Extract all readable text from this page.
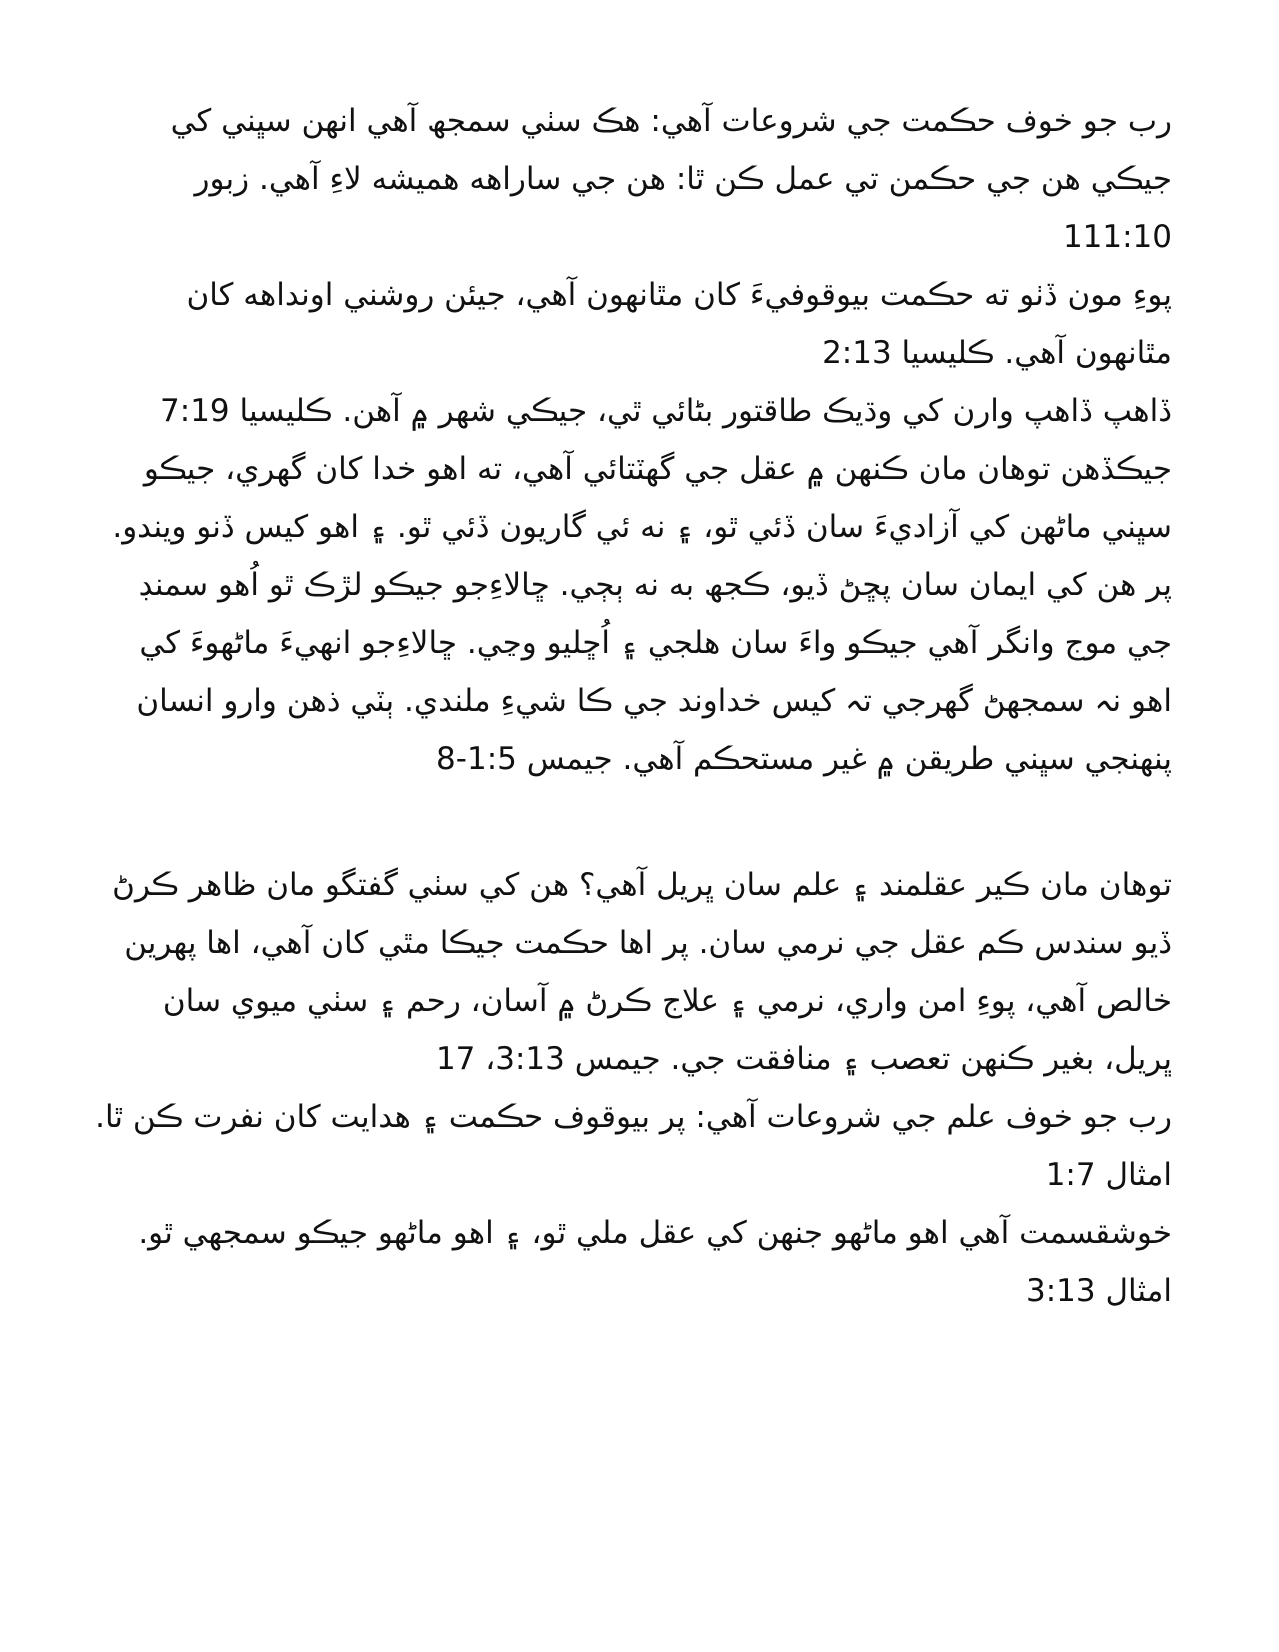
رب جو خوف حڪمت جي شروعات آهي: هڪ سٺي سمجھ آهي انهن سڀني کي جيڪي هن جي حڪمن تي عمل ڪن ٿا: هن جي ساراهه هميشه لاءِ آهي. زبور 111:10

پوءِ مون ڏٺو ته حڪمت بيوقوفيءَ کان مٿانهون آهي، جيئن روشني اونداهه کان مٿانهون آهي. ڪليسيا 2:13

ڏاهپ ڏاهپ وارن کي وڌيڪ طاقتور بڻائي ٿي، جيڪي شهر ۾ آهن. ڪليسيا 7:19

جيڪڏهن توهان مان ڪنهن ۾ عقل جي گهٽتائي آهي، ته اهو خدا کان گهري، جيڪو سڀني ماڻهن کي آزاديءَ سان ڏئي ٿو، ۽ نه ئي گاريون ڏئي ٿو. ۽ اهو کيس ڏنو ويندو. پر هن کي ايمان سان پڇڻ ڏيو، ڪجھ به نه ٻڄي. ڇالاءِجو جيڪو لڙڪ ٿو اُهو سمنڊ جي موج وانگر آهي جيڪو واءَ سان هلجي ۽ اُڇليو وڃي. ڇالاءِجو انهيءَ ماڻهوءَ کي اهو نہ سمجھڻ گهرجي تہ کيس خداوند جي ڪا شيءِ ملندي. ٻٽي ذهن وارو انسان پنهنجي سڀني طريقن ۾ غير مستحڪم آهي. جيمس 1:5-8

توهان مان ڪير عقلمند ۽ علم سان ڀريل آهي؟ هن کي سٺي گفتگو مان ظاهر ڪرڻ ڏيو سندس ڪم عقل جي نرمي سان. پر اها حڪمت جيڪا مٿي کان آهي، اها پهرين خالص آهي، پوءِ امن واري، نرمي ۽ علاج ڪرڻ ۾ آسان، رحم ۽ سٺي ميوي سان ڀريل، بغير ڪنهن تعصب ۽ منافقت جي. جيمس 3:13، 17

رب جو خوف علم جي شروعات آهي: پر بيوقوف حڪمت ۽ هدايت کان نفرت ڪن ٿا. امثال 1:7

خوشقسمت آهي اهو ماڻهو جنهن کي عقل ملي ٿو، ۽ اهو ماڻهو جيڪو سمجهي ٿو. امثال 3:13
